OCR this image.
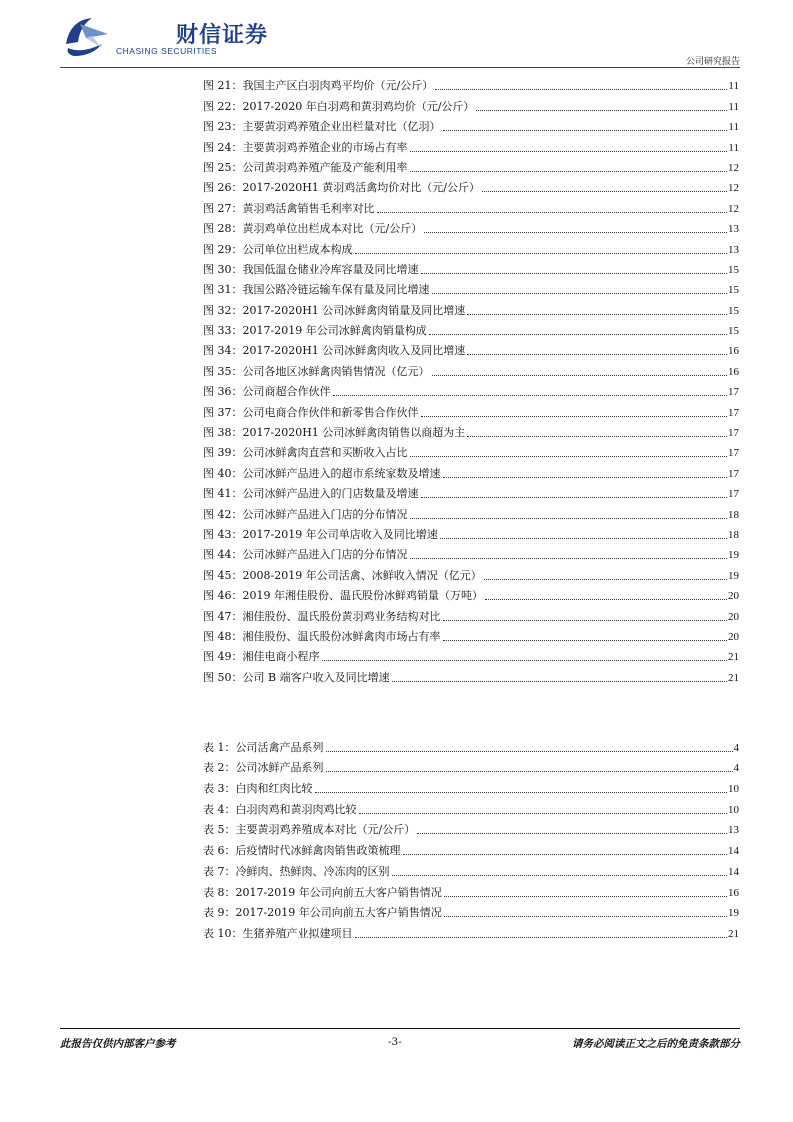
财信证券
CHASING SECURITIES
公司研究报告
图 21： 我国主产区白羽肉鸡平均价（元/公斤）	11
图 22： 2017-2020 年白羽鸡和黄羽鸡均价（元/公斤）	11
图 23： 主要黄羽鸡养殖企业出栏量对比（亿羽）	11
图 24： 主要黄羽鸡养殖企业的市场占有率	11
图 25： 公司黄羽鸡养殖产能及产能利用率	12
图 26： 2017-2020H1 黄羽鸡活禽均价对比（元/公斤）	12
图 27： 黄羽鸡活禽销售毛利率对比	12
图 28： 黄羽鸡单位出栏成本对比（元/公斤）	13
图 29： 公司单位出栏成本构成	13
图 30： 我国低温仓储业冷库容量及同比增速	15
图 31： 我国公路冷链运输车保有量及同比增速	15
图 32： 2017-2020H1 公司冰鲜禽肉销量及同比增速	15
图 33： 2017-2019 年公司冰鲜禽肉销量构成	15
图 34： 2017-2020H1 公司冰鲜禽肉收入及同比增速	16
图 35： 公司各地区冰鲜禽肉销售情况（亿元）	16
图 36： 公司商超合作伙伴	17
图 37： 公司电商合作伙伴和新零售合作伙伴	17
图 38： 2017-2020H1 公司冰鲜禽肉销售以商超为主	17
图 39： 公司冰鲜禽肉直营和买断收入占比	17
图 40： 公司冰鲜产品进入的超市系统家数及增速	17
图 41： 公司冰鲜产品进入的门店数量及增速	17
图 42： 公司冰鲜产品进入门店的分布情况	18
图 43： 2017-2019 年公司单店收入及同比增速	18
图 44： 公司冰鲜产品进入门店的分布情况	19
图 45： 2008-2019 年公司活禽、冰鲜收入情况（亿元）	19
图 46： 2019 年湘佳股份、温氏股份冰鲜鸡销量（万吨）	20
图 47： 湘佳股份、温氏股份黄羽鸡业务结构对比	20
图 48： 湘佳股份、温氏股份冰鲜禽肉市场占有率	20
图 49： 湘佳电商小程序	21
图 50： 公司 B 端客户收入及同比增速	21
表 1： 公司活禽产品系列	4
表 2： 公司冰鲜产品系列	4
表 3： 白肉和红肉比较	10
表 4： 白羽肉鸡和黄羽肉鸡比较	10
表 5： 主要黄羽鸡养殖成本对比（元/公斤）	13
表 6： 后疫情时代冰鲜禽肉销售政策梳理	14
表 7： 冷鲜肉、热鲜肉、冷冻肉的区别	14
表 8： 2017-2019 年公司向前五大客户销售情况	16
表 9： 2017-2019 年公司向前五大客户销售情况	19
表 10： 生猪养殖产业拟建项目	21
此报告仅供内部客户参考	-3-	请务必阅读正文之后的免责条款部分
